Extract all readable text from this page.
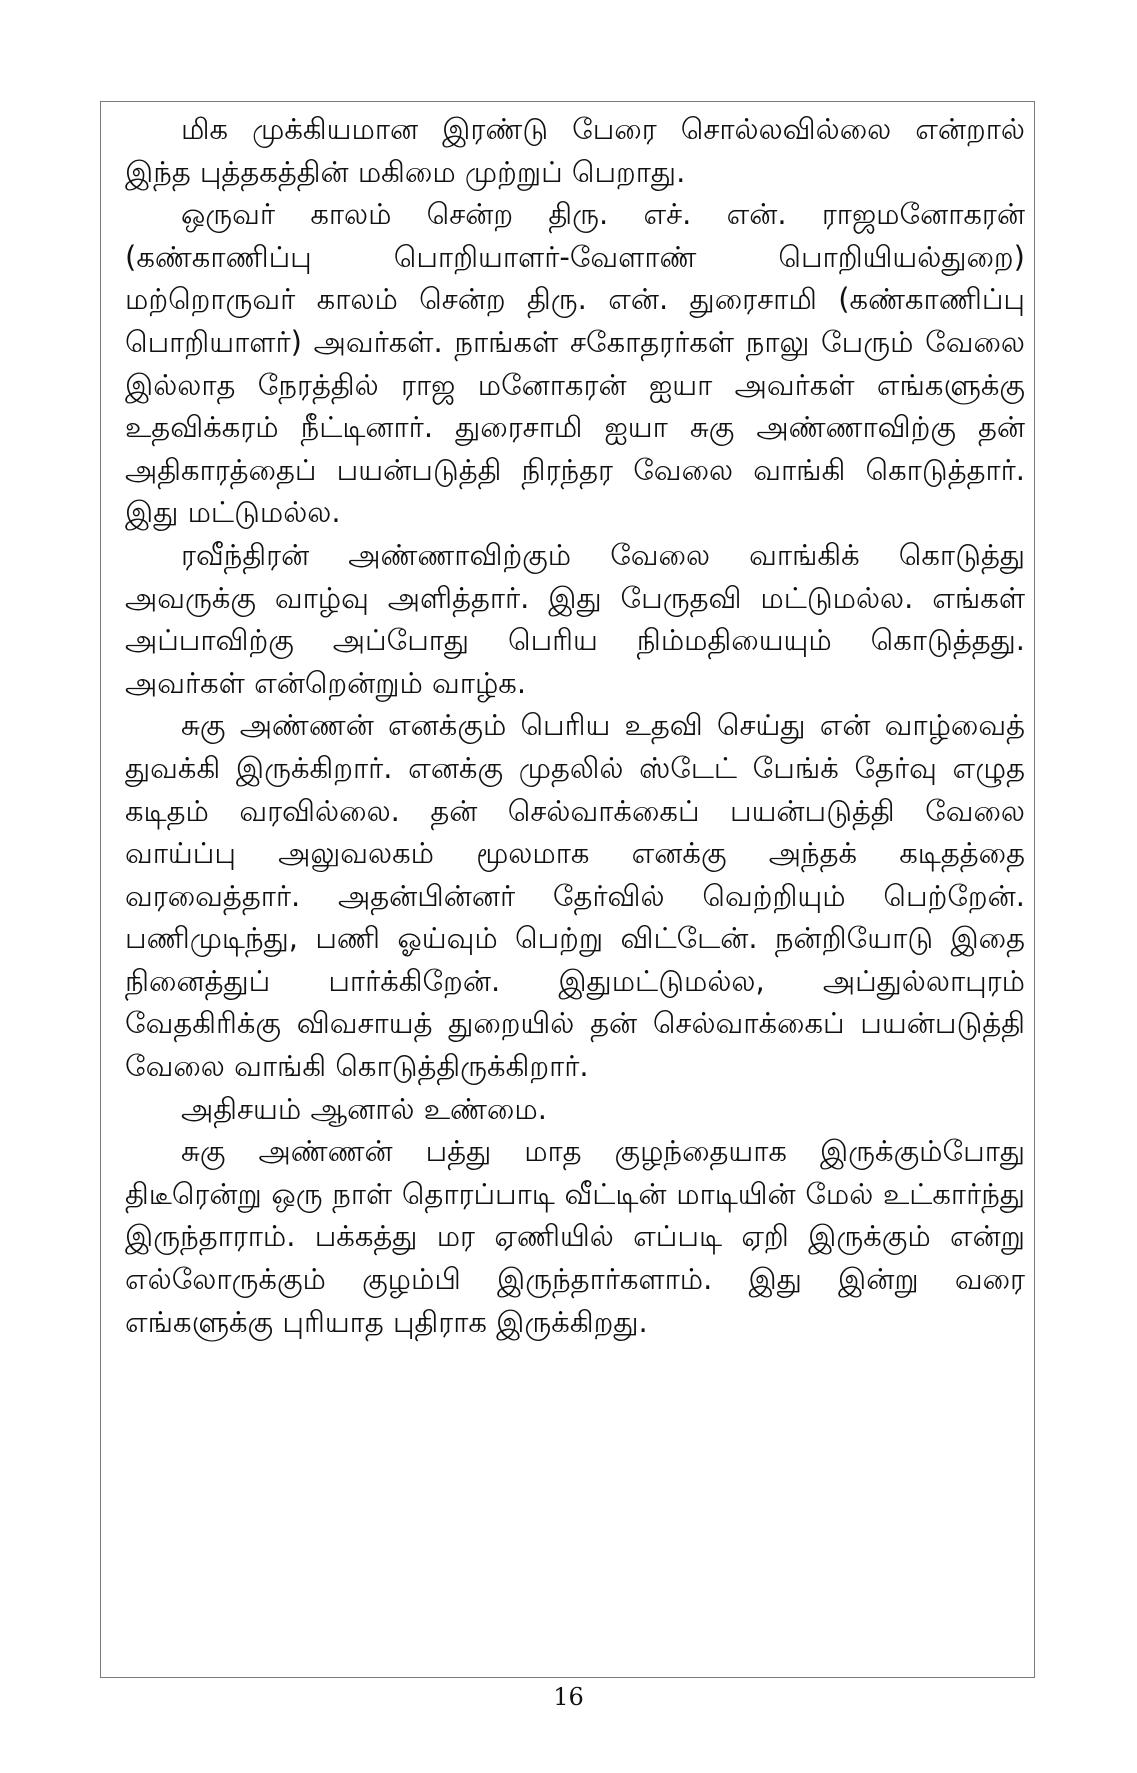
மிக முக்கியமான இரண்டு பேரை சொல்லவில்லை என்றால் இந்த புத்தகத்தின் மகிமை முற்றுப் பெறாது.

ஒருவர் காலம் சென்ற திரு. எச். என். ராஜமனோகரன் (கண்காணிப்பு பொறியாளர்-வேளாண் பொறியியல்துறை) மற்றொருவர் காலம் சென்ற திரு. என். துரைசாமி (கண்காணிப்பு பொறியாளர்) அவர்கள். நாங்கள் சகோதரர்கள் நாலு பேரும் வேலை இல்லாத நேரத்தில் ராஜ மனோகரன் ஐயா அவர்கள் எங்களுக்கு உதவிக்கரம் நீட்டினார். துரைசாமி ஐயா சுகு அண்ணாவிற்கு தன் அதிகாரத்தைப் பயன்படுத்தி நிரந்தர வேலை வாங்கி கொடுத்தார். இது மட்டுமல்ல.

ரவீந்திரன் அண்ணாவிற்கும் வேலை வாங்கிக் கொடுத்து அவருக்கு வாழ்வு அளித்தார். இது பேருதவி மட்டுமல்ல. எங்கள் அப்பாவிற்கு அப்போது பெரிய நிம்மதியையும் கொடுத்தது. அவர்கள் என்றென்றும் வாழ்க.

சுகு அண்ணன் எனக்கும் பெரிய உதவி செய்து என் வாழ்வைத் துவக்கி இருக்கிறார். எனக்கு முதலில் ஸ்டேட் பேங்க் தேர்வு எழுத கடிதம் வரவில்லை. தன் செல்வாக்கைப் பயன்படுத்தி வேலை வாய்ப்பு அலுவலகம் மூலமாக எனக்கு அந்தக் கடிதத்தை வரவைத்தார். அதன்பின்னர் தேர்வில் வெற்றியும் பெற்றேன். பணிமுடிந்து, பணி ஓய்வும் பெற்று விட்டேன். நன்றியோடு இதை நினைத்துப் பார்க்கிறேன். இதுமட்டுமல்ல, அப்துல்லாபுரம் வேதகிரிக்கு விவசாயத் துறையில் தன் செல்வாக்கைப் பயன்படுத்தி வேலை வாங்கி கொடுத்திருக்கிறார்.

அதிசயம் ஆனால் உண்மை.

சுகு அண்ணன் பத்து மாத குழந்தையாக இருக்கும்போது திடீரென்று ஒரு நாள் தொரப்பாடி வீட்டின் மாடியின் மேல் உட்கார்ந்து இருந்தாராம். பக்கத்து மர ஏணியில் எப்படி ஏறி இருக்கும் என்று எல்லோருக்கும் குழம்பி இருந்தார்களாம். இது இன்று வரை எங்களுக்கு புரியாத புதிராக இருக்கிறது.

16
